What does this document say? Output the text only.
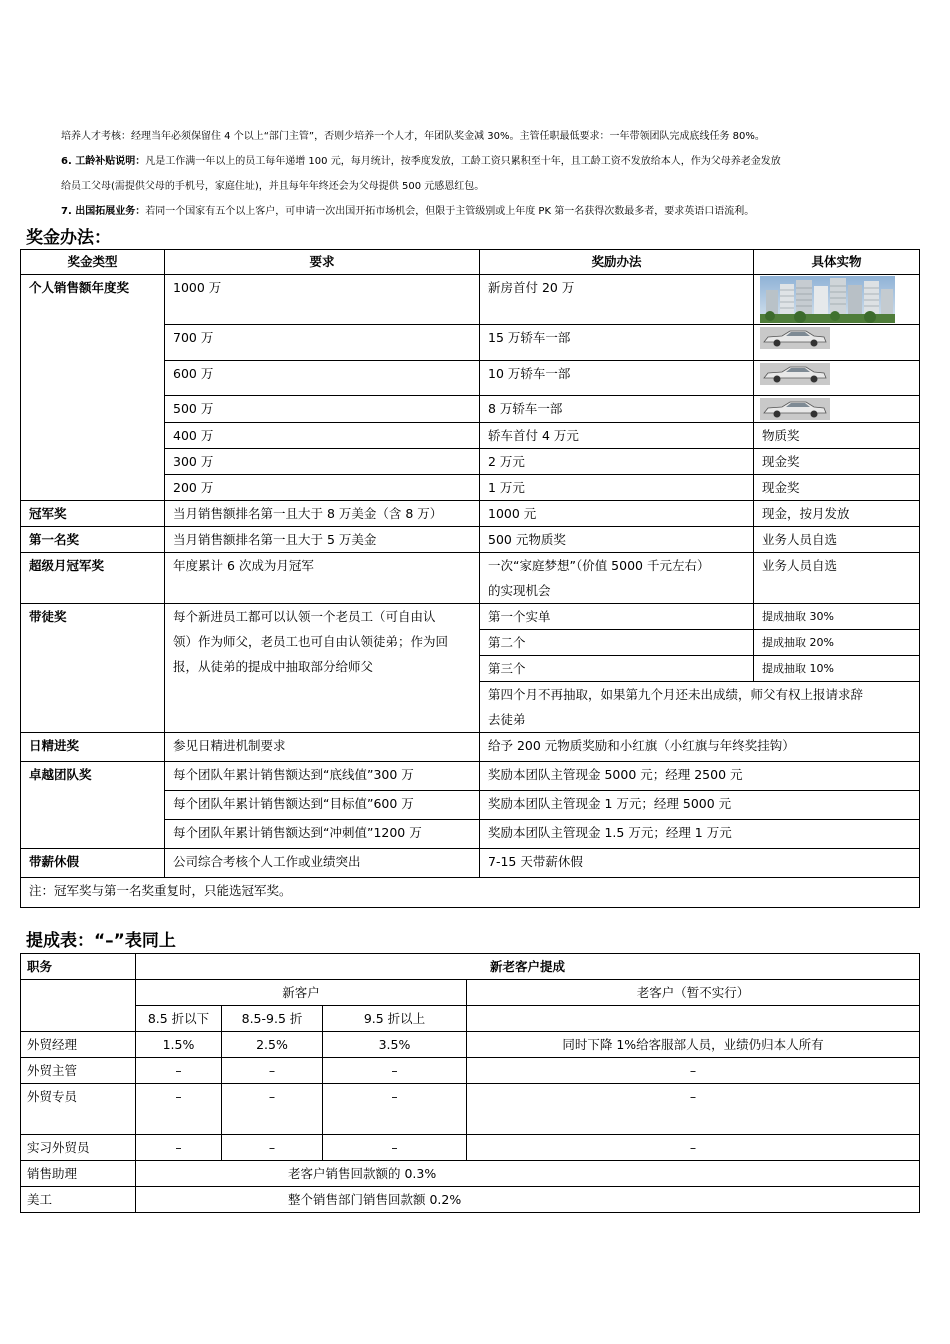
培养人才考核：经理当年必须保留住 4 个以上“部门主管”，否则少培养一个人才，年团队奖金减 30%。主管任职最低要求：一年带领团队完成底线任务 80%。
6. 工龄补贴说明：凡是工作满一年以上的员工每年递增 100 元，每月统计，按季度发放，工龄工资只累积至十年，且工龄工资不发放给本人，作为父母养老金发放
给员工父母(需提供父母的手机号，家庭住址)，并且每年年终还会为父母提供 500 元感恩红包。
7. 出国拓展业务：若同一个国家有五个以上客户，可申请一次出国开拓市场机会，但限于主管级别或上年度 PK 第一名获得次数最多者，要求英语口语流利。
奖金办法：
奖金类型	要求	奖励办法	具体实物
个人销售额年度奖	1000 万	新房首付 20 万	

	700 万	15 万轿车一部	

	600 万	10 万轿车一部	

	500 万	8 万轿车一部	

	400 万	轿车首付 4 万元	物质奖
	300 万	2 万元	现金奖
	200 万	1 万元	现金奖
冠军奖	当月销售额排名第一且大于 8 万美金（含 8 万）	1000 元	现金，按月发放
第一名奖	当月销售额排名第一且大于 5 万美金	500 元物质奖	业务人员自选
超级月冠军奖	年度累计 6 次成为月冠军	一次“家庭梦想”（价值 5000 千元左右）
的实现机会	业务人员自选
带徒奖	每个新进员工都可以认领一个老员工（可自由认
领）作为师父，老员工也可自由认领徒弟；作为回
报，从徒弟的提成中抽取部分给师父	第一个实单	提成抽取 30%
		第二个	提成抽取 20%
		第三个	提成抽取 10%

		第四个月不再抽取，如果第九个月还未出成绩，师父有权上报请求辞
去徒弟	

日精进奖	参见日精进机制要求	给予 200 元物质奖励和小红旗（小红旗与年终奖挂钩）	
卓越团队奖	每个团队年累计销售额达到“底线值”300 万	奖励本团队主管现金 5000 元；经理 2500 元	
	每个团队年累计销售额达到“目标值”600 万	奖励本团队主管现金 1 万元；经理 5000 元	
	每个团队年累计销售额达到“冲刺值”1200 万	奖励本团队主管现金 1.5 万元；经理 1 万元	
带薪休假	公司综合考核个人工作或业绩突出	7-15 天带薪休假	
注：冠军奖与第一名奖重复时，只能选冠军奖。			
提成表：“–”表同上
职务	新老客户提成			
	新客户			老客户（暂不实行）
	8.5 折以下	8.5-9.5 折	9.5 折以上	
外贸经理	1.5%	2.5%	3.5%	同时下降 1%给客服部人员，业绩仍归本人所有
外贸主管	–	–	–	–
外贸专员	–	–	–	–
实习外贸员	–	–	–	–
销售助理	老客户销售回款额的 0.3%			
美工	整个销售部门销售回款额 0.2%			
